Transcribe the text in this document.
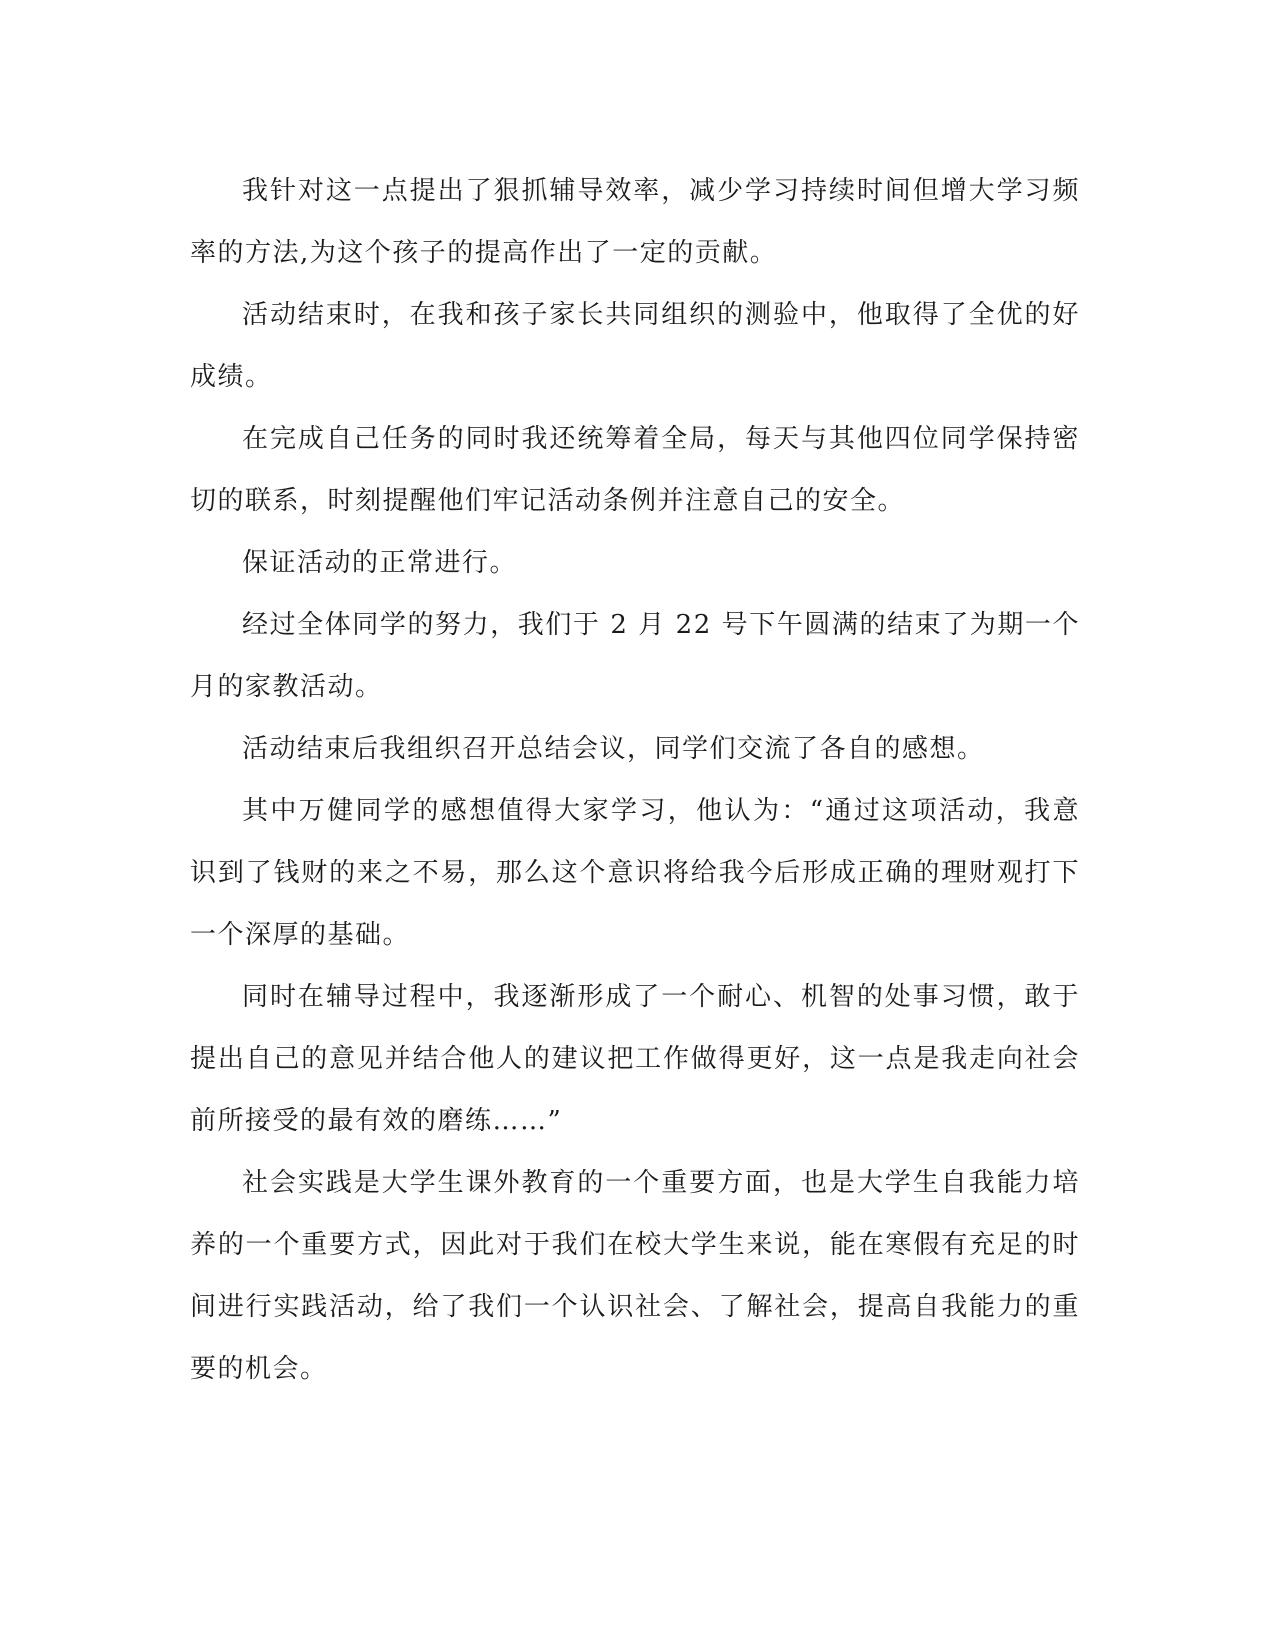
我针对这一点提出了狠抓辅导效率，减少学习持续时间但增大学习频率的方法,为这个孩子的提高作出了一定的贡献。

活动结束时，在我和孩子家长共同组织的测验中，他取得了全优的好成绩。

在完成自己任务的同时我还统筹着全局，每天与其他四位同学保持密切的联系，时刻提醒他们牢记活动条例并注意自己的安全。

保证活动的正常进行。

经过全体同学的努力，我们于 2 月 22 号下午圆满的结束了为期一个月的家教活动。

活动结束后我组织召开总结会议，同学们交流了各自的感想。

其中万健同学的感想值得大家学习，他认为：“通过这项活动，我意识到了钱财的来之不易，那么这个意识将给我今后形成正确的理财观打下一个深厚的基础。

同时在辅导过程中，我逐渐形成了一个耐心、机智的处事习惯，敢于提出自己的意见并结合他人的建议把工作做得更好，这一点是我走向社会前所接受的最有效的磨练……”

社会实践是大学生课外教育的一个重要方面，也是大学生自我能力培养的一个重要方式，因此对于我们在校大学生来说，能在寒假有充足的时间进行实践活动，给了我们一个认识社会、了解社会，提高自我能力的重要的机会。
